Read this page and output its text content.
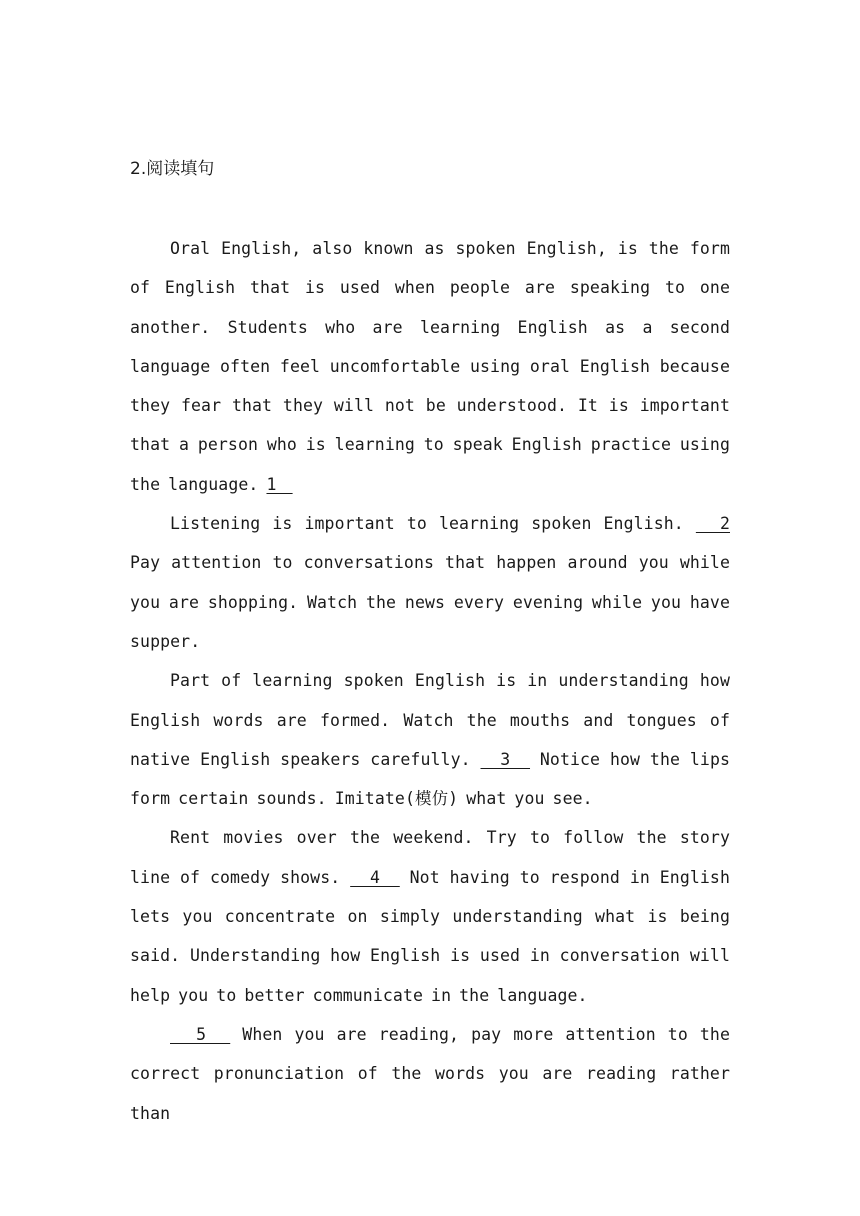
2.阅读填句

Oral English, also known as spoken English, is the form of English that is used when people are speaking to one another. Students who are learning English as a second language often feel uncomfortable using oral English because they fear that they will not be understood. It is important that a person who is learning to speak English practice using the language. 1

Listening is important to learning spoken English.   2 Pay attention to conversations that happen around you while you are shopping. Watch the news every evening while you have supper.

Part of learning spoken English is in understanding how English words are formed. Watch the mouths and tongues of native English speakers carefully.   3   Notice how the lips form certain sounds. Imitate(模仿) what you see.

Rent movies over the weekend. Try to follow the story line of comedy shows.   4   Not having to respond in English lets you concentrate on simply understanding what is being said. Understanding how English is used in conversation will help you to better communicate in the language.

5   When you are reading, pay more attention to the correct pronunciation of the words you are reading rather than
